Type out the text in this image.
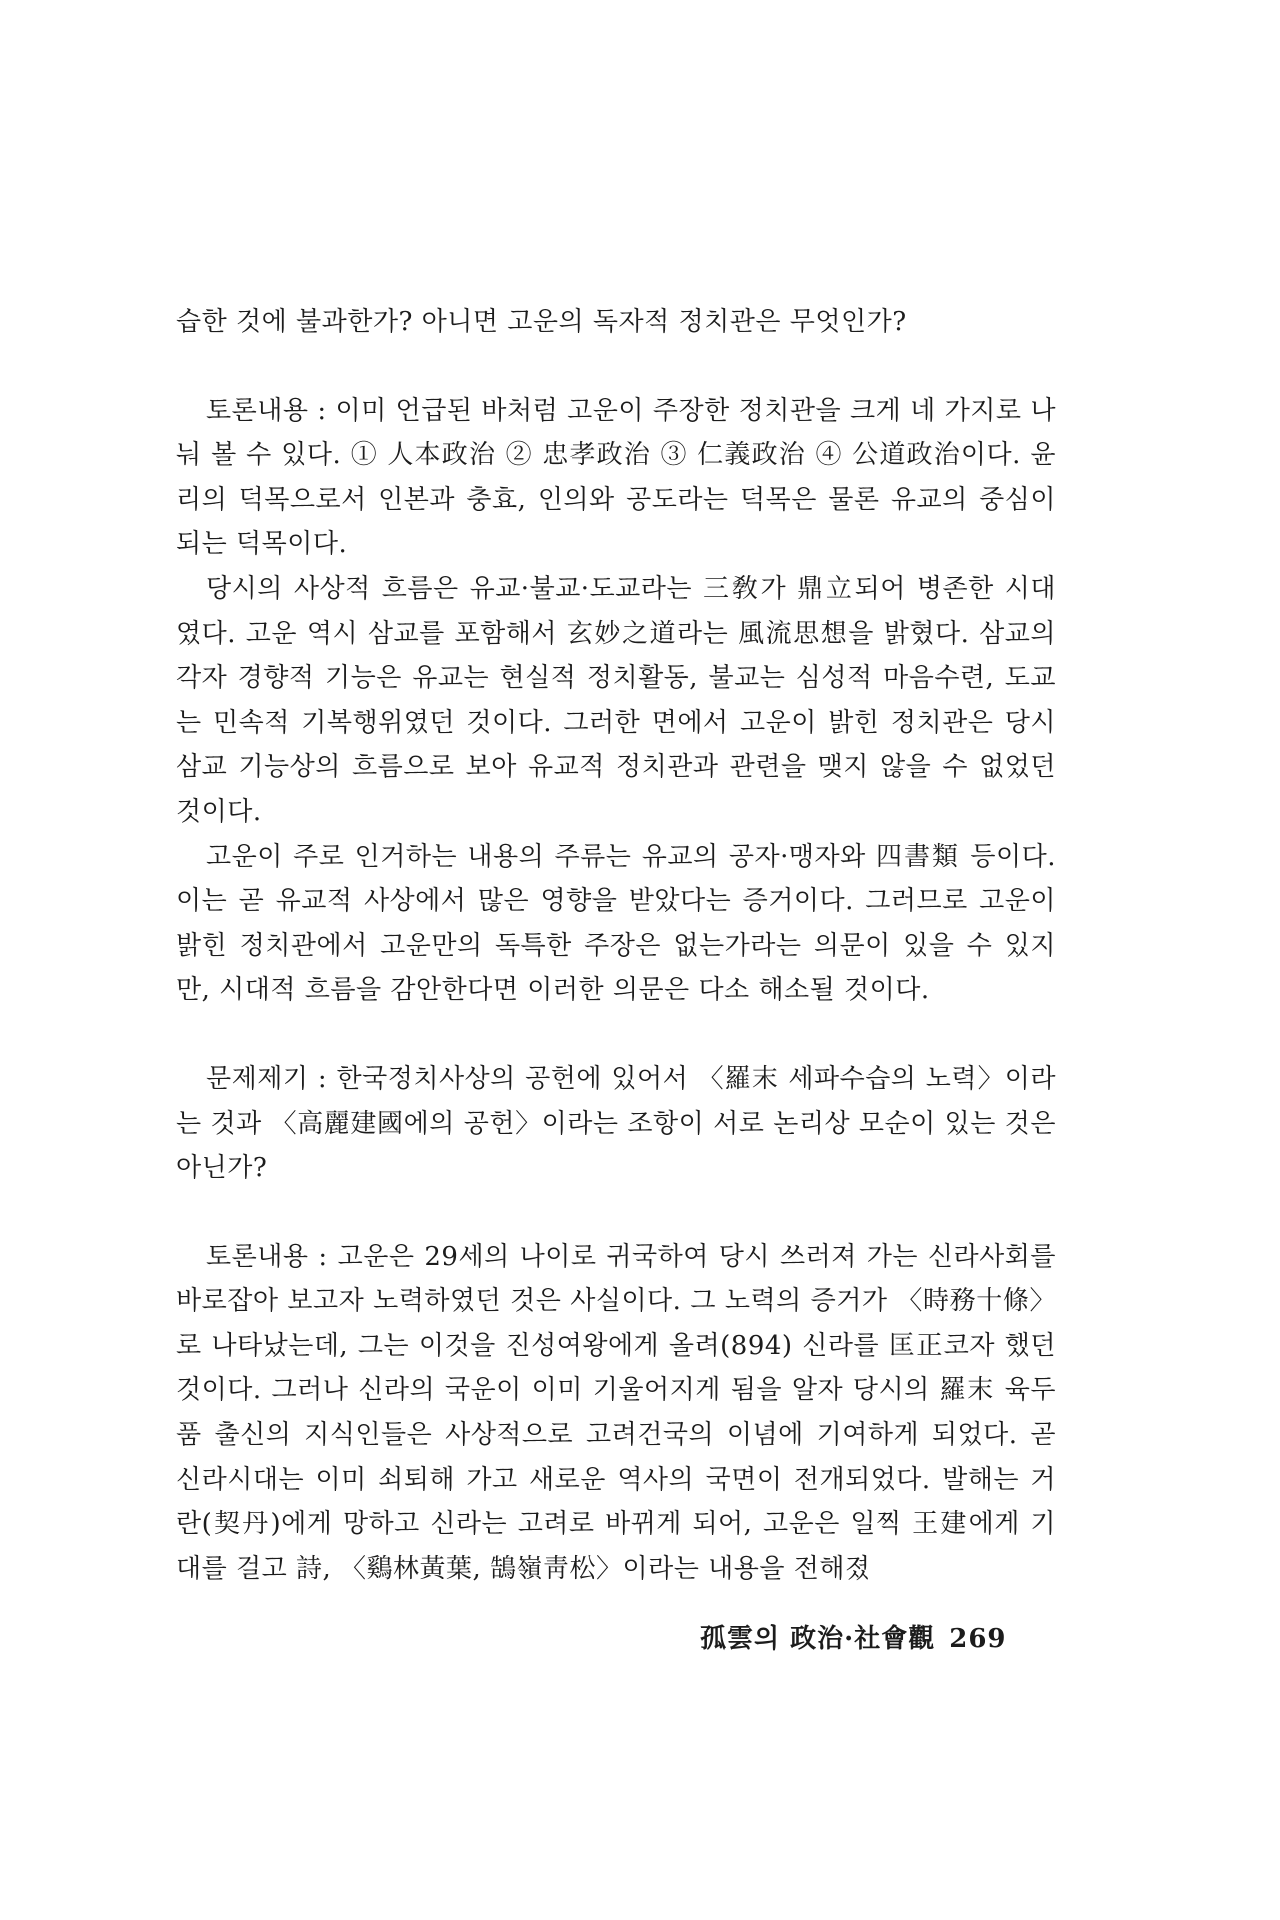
습한 것에 불과한가? 아니면 고운의 독자적 정치관은 무엇인가?

토론내용 : 이미 언급된 바처럼 고운이 주장한 정치관을 크게 네 가지로 나눠 볼 수 있다. ① 人本政治 ② 忠孝政治 ③ 仁義政治 ④ 公道政治이다. 윤리의 덕목으로서 인본과 충효, 인의와 공도라는 덕목은 물론 유교의 중심이 되는 덕목이다.

당시의 사상적 흐름은 유교·불교·도교라는 三敎가 鼎立되어 병존한 시대였다. 고운 역시 삼교를 포함해서 玄妙之道라는 風流思想을 밝혔다. 삼교의 각자 경향적 기능은 유교는 현실적 정치활동, 불교는 심성적 마음수련, 도교는 민속적 기복행위였던 것이다. 그러한 면에서 고운이 밝힌 정치관은 당시 삼교 기능상의 흐름으로 보아 유교적 정치관과 관련을 맺지 않을 수 없었던 것이다.

고운이 주로 인거하는 내용의 주류는 유교의 공자·맹자와 四書類 등이다. 이는 곧 유교적 사상에서 많은 영향을 받았다는 증거이다. 그러므로 고운이 밝힌 정치관에서 고운만의 독특한 주장은 없는가라는 의문이 있을 수 있지만, 시대적 흐름을 감안한다면 이러한 의문은 다소 해소될 것이다.

문제제기 : 한국정치사상의 공헌에 있어서 〈羅末 세파수습의 노력〉이라는 것과 〈高麗建國에의 공헌〉이라는 조항이 서로 논리상 모순이 있는 것은 아닌가?

토론내용 : 고운은 29세의 나이로 귀국하여 당시 쓰러져 가는 신라사회를 바로잡아 보고자 노력하였던 것은 사실이다. 그 노력의 증거가 〈時務十條〉로 나타났는데, 그는 이것을 진성여왕에게 올려(894) 신라를 匡正코자 했던 것이다. 그러나 신라의 국운이 이미 기울어지게 됨을 알자 당시의 羅末 육두품 출신의 지식인들은 사상적으로 고려건국의 이념에 기여하게 되었다. 곧 신라시대는 이미 쇠퇴해 가고 새로운 역사의 국면이 전개되었다. 발해는 거란(契丹)에게 망하고 신라는 고려로 바뀌게 되어, 고운은 일찍 王建에게 기대를 걸고 詩, 〈鷄林黃葉, 鵠嶺靑松〉이라는 내용을 전해졌

孤雲의 政治·社會觀 269
